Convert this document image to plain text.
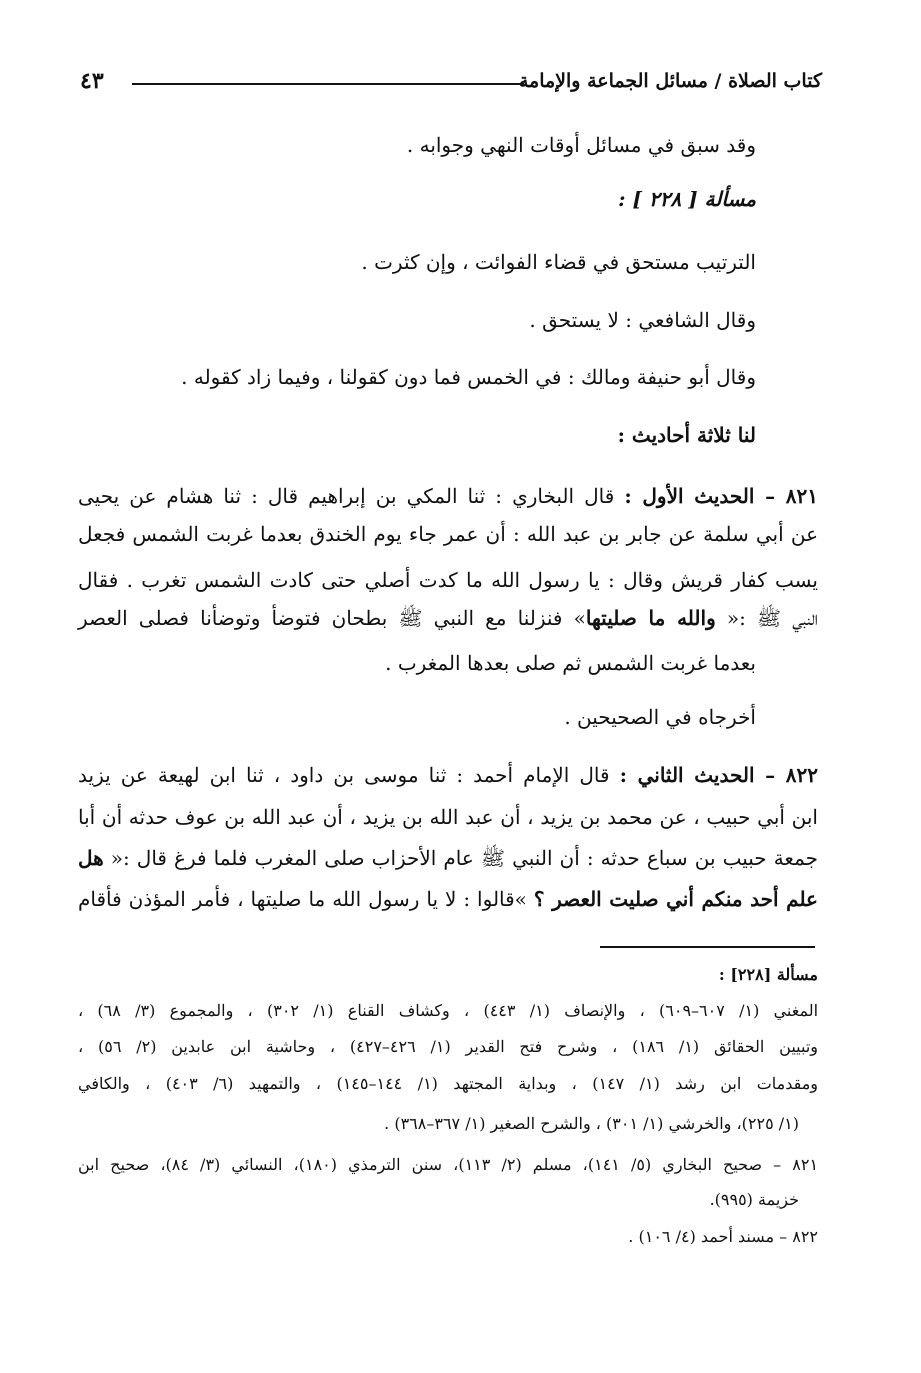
كتاب الصلاة / مسائل الجماعة والإمامة
٤٣
وقد سبق في مسائل أوقات النهي وجوابه .
مسألة [ ٢٢٨ ] :
الترتيب مستحق في قضاء الفوائت ، وإن كثرت .
وقال الشافعي : لا يستحق .
وقال أبو حنيفة ومالك : في الخمس فما دون كقولنا ، وفيما زاد كقوله .
لنا ثلاثة أحاديث :
٨٢١ – الحديث الأول : قال البخاري : ثنا المكي بن إبراهيم قال : ثنا هشام عن يحيى
عن أبي سلمة عن جابر بن عبد الله : أن عمر جاء يوم الخندق بعدما غربت الشمس فجعل
يسب كفار قريش وقال : يا رسول الله ما كدت أصلي حتى كادت الشمس تغرب . فقال
النبي ﷺ :« والله ما صليتها» فنزلنا مع النبي ﷺ بطحان فتوضأ وتوضأنا فصلى العصر
بعدما غربت الشمس ثم صلى بعدها المغرب .
أخرجاه في الصحيحين .
٨٢٢ – الحديث الثاني : قال الإمام أحمد : ثنا موسى بن داود ، ثنا ابن لهيعة عن يزيد
ابن أبي حبيب ، عن محمد بن يزيد ، أن عبد الله بن يزيد ، أن عبد الله بن عوف حدثه أن أبا
جمعة حبيب بن سباع حدثه : أن النبي ﷺ عام الأحزاب صلى المغرب فلما فرغ قال :« هل
علم أحد منكم أني صليت العصر ؟ »قالوا : لا يا رسول الله ما صليتها ، فأمر المؤذن فأقام
مسألة [٢٢٨] :
المغني (١/ ٦٠٧–٦٠٩) ، والإنصاف (١/ ٤٤٣) ، وكشاف القناع (١/ ٣٠٢) ، والمجموع (٣/ ٦٨) ،
وتبيين الحقائق (١/ ١٨٦) ، وشرح فتح القدير (١/ ٤٢٦–٤٢٧) ، وحاشية ابن عابدين (٢/ ٥٦) ،
ومقدمات ابن رشد (١/ ١٤٧) ، وبداية المجتهد (١/ ١٤٤–١٤٥) ، والتمهيد (٦/ ٤٠٣) ، والكافي
(١/ ٢٢٥)، والخرشي (١/ ٣٠١) ، والشرح الصغير (١/ ٣٦٧–٣٦٨) .
٨٢١ – صحيح البخاري (٥/ ١٤١)، مسلم (٢/ ١١٣)، سنن الترمذي (١٨٠)، النسائي (٣/ ٨٤)، صحيح ابن
خزيمة (٩٩٥).
٨٢٢ – مسند أحمد (٤/ ١٠٦) .
